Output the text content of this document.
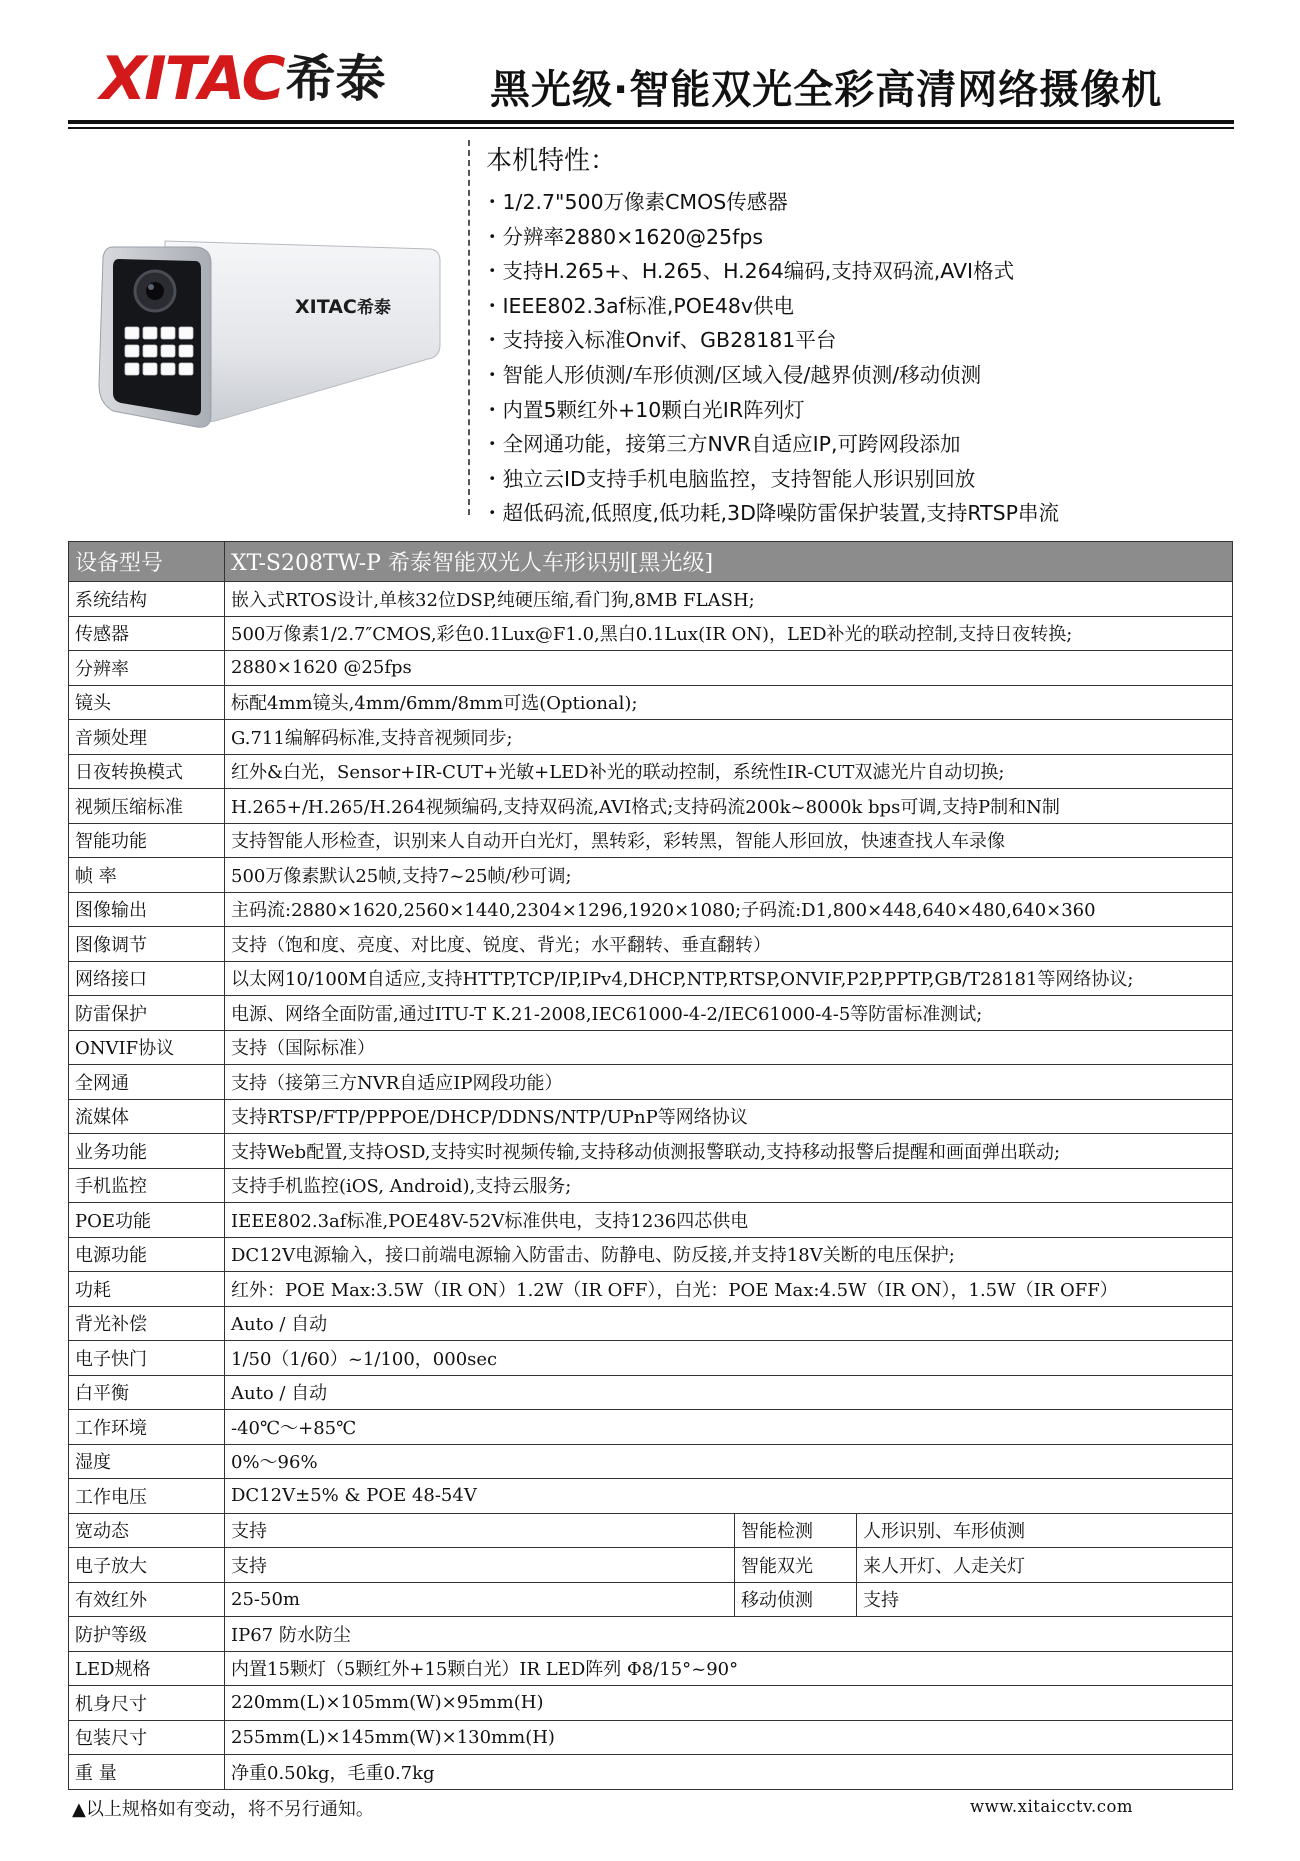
XITAC 希泰	黑光级·智能双光全彩高清网络摄像机
XITAC 希泰
本机特性：
・ 1/2.7"500万像素CMOS传感器
・ 分辨率2880×1620@25fps
・ 支持H.265+、H.265、H.264编码,支持双码流,AVI格式
・ IEEE802.3af标准,POE48v供电
・ 支持接入标准Onvif、GB28181平台
・ 智能人形侦测/车形侦测/区域入侵/越界侦测/移动侦测
・ 内置5颗红外+10颗白光IR阵列灯
・ 全网通功能，接第三方NVR自适应IP,可跨网段添加
・ 独立云ID支持手机电脑监控，支持智能人形识别回放
・ 超低码流,低照度,低功耗,3D降噪防雷保护装置,支持RTSP串流
设备型号	XT-S208TW-P 希泰智能双光人车形识别[黑光级]		
系统结构	嵌入式RTOS设计,单核32位DSP,纯硬压缩,看门狗,8MB FLASH;		
传感器	500万像素1/2.7″CMOS,彩色0.1Lux@F1.0,黑白0.1Lux(IR ON)，LED补光的联动控制,支持日夜转换;		
分辨率	2880×1620 @25fps		
镜头	标配4mm镜头,4mm/6mm/8mm可选(Optional);		
音频处理	G.711编解码标准,支持音视频同步;		
日夜转换模式	红外&白光，Sensor+IR-CUT+光敏+LED补光的联动控制，系统性IR-CUT双滤光片自动切换;		
视频压缩标准	H.265+/H.265/H.264视频编码,支持双码流,AVI格式;支持码流200k~8000k bps可调,支持P制和N制		
智能功能	支持智能人形检查，识别来人自动开白光灯，黑转彩，彩转黑，智能人形回放，快速查找人车录像		
帧 率	500万像素默认25帧,支持7~25帧/秒可调;		
图像输出	主码流:2880×1620,2560×1440,2304×1296,1920×1080;子码流:D1,800×448,640×480,640×360		
图像调节	支持（饱和度、亮度、对比度、锐度、背光；水平翻转、垂直翻转）		
网络接口	以太网10/100M自适应,支持HTTP,TCP/IP,IPv4,DHCP,NTP,RTSP,ONVIF,P2P,PPTP,GB/T28181等网络协议;		
防雷保护	电源、网络全面防雷,通过ITU-T K.21-2008,IEC61000-4-2/IEC61000-4-5等防雷标准测试;		
ONVIF协议	支持（国际标准）		
全网通	支持（接第三方NVR自适应IP网段功能）		
流媒体	支持RTSP/FTP/PPPOE/DHCP/DDNS/NTP/UPnP等网络协议		
业务功能	支持Web配置,支持OSD,支持实时视频传输,支持移动侦测报警联动,支持移动报警后提醒和画面弹出联动;		
手机监控	支持手机监控(iOS, Android),支持云服务;		
POE功能	IEEE802.3af标准,POE48V-52V标准供电，支持1236四芯供电		
电源功能	DC12V电源输入，接口前端电源输入防雷击、防静电、防反接,并支持18V关断的电压保护;		
功耗	红外：POE Max:3.5W（IR ON）1.2W（IR OFF），白光：POE Max:4.5W（IR ON），1.5W（IR OFF）		
背光补偿	Auto / 自动		
电子快门	1/50（1/60）~1/100，000sec		
白平衡	Auto / 自动		
工作环境	-40℃～+85℃		
湿度	0%～96%		
工作电压	DC12V±5% & POE 48-54V		
宽动态	支持	智能检测	人形识别、车形侦测
电子放大	支持	智能双光	来人开灯、人走关灯
有效红外	25-50m	移动侦测	支持
防护等级	IP67 防水防尘		
LED规格	内置15颗灯（5颗红外+15颗白光）IR LED阵列 Φ8/15°~90°		
机身尺寸	220mm(L)×105mm(W)×95mm(H)		
包装尺寸	255mm(L)×145mm(W)×130mm(H)		
重 量	净重0.50kg，毛重0.7kg		
▲以上规格如有变动，将不另行通知。	www.xitaicctv.com
